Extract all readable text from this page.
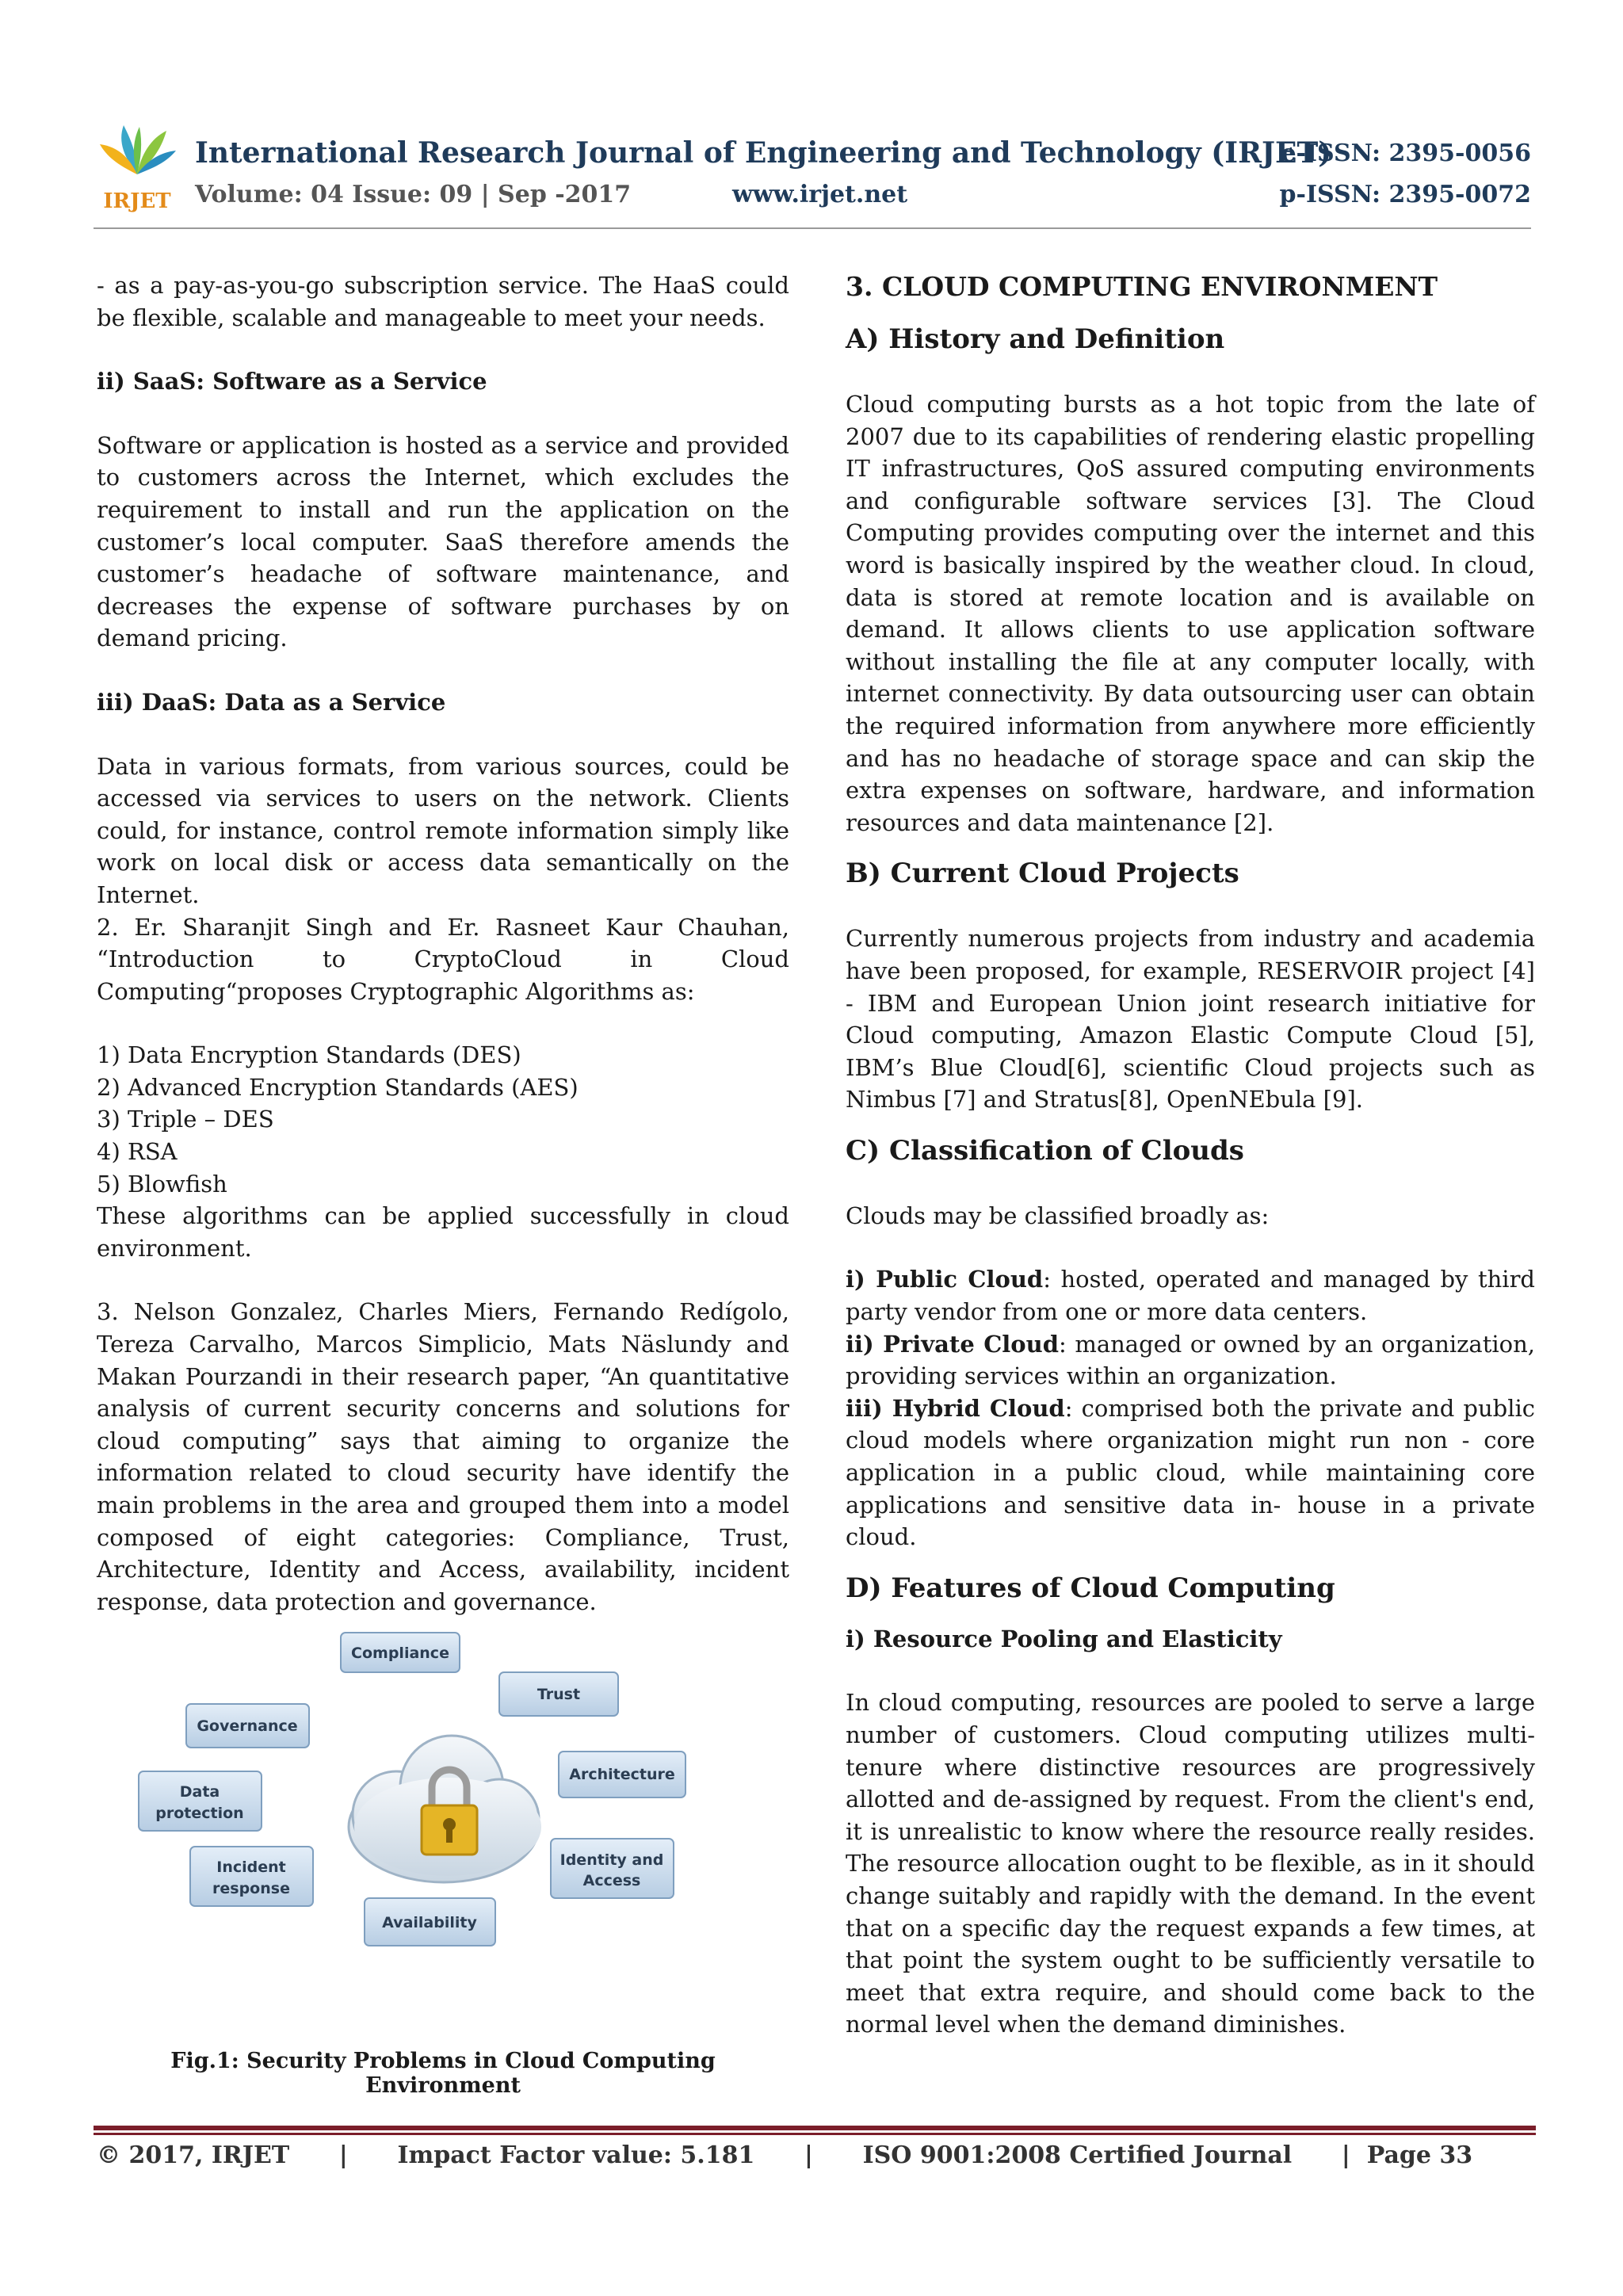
IRJET
International Research Journal of Engineering and Technology (IRJET)
e-ISSN: 2395-0056
Volume: 04 Issue: 09 | Sep -2017	www.irjet.net	p-ISSN: 2395-0072

- as a pay-as-you-go subscription service. The HaaS could be flexible, scalable and manageable to meet your needs.

ii) SaaS: Software as a Service

Software or application is hosted as a service and provided to customers across the Internet, which excludes the requirement to install and run the application on the customer’s local computer. SaaS therefore amends the customer’s headache of software maintenance, and decreases the expense of software purchases by on demand pricing.

iii) DaaS: Data as a Service

Data in various formats, from various sources, could be accessed via services to users on the network. Clients could, for instance, control remote information simply like work on local disk or access data semantically on the Internet.

2. Er. Sharanjit Singh and Er. Rasneet Kaur Chauhan, “Introduction to CryptoCloud in Cloud Computing“proposes Cryptographic Algorithms as:

1) Data Encryption Standards (DES)

2) Advanced Encryption Standards (AES)

3) Triple – DES

4) RSA

5) Blowfish

These algorithms can be applied successfully in cloud environment.

3. Nelson Gonzalez, Charles Miers, Fernando Redígolo, Tereza Carvalho, Marcos Simplicio, Mats Näslundy and Makan Pourzandi in their research paper, “An quantitative analysis of current security concerns and solutions for cloud computing” says that aiming to organize the information related to cloud security have identify the main problems in the area and grouped them into a model composed of eight categories: Compliance, Trust, Architecture, Identity and Access, availability, incident response, data protection and governance.

Compliance
Trust
Governance
Architecture
Data
protection
Identity and
Access
Incident
response
Availability
Fig.1: Security Problems in Cloud Computing Environment

3. CLOUD COMPUTING ENVIRONMENT

A) History and Definition

Cloud computing bursts as a hot topic from the late of 2007 due to its capabilities of rendering elastic propelling IT infrastructures, QoS assured computing environments and configurable software services [3]. The Cloud Computing provides computing over the internet and this word is basically inspired by the weather cloud. In cloud, data is stored at remote location and is available on demand. It allows clients to use application software without installing the file at any computer locally, with internet connectivity. By data outsourcing user can obtain the required information from anywhere more efficiently and has no headache of storage space and can skip the extra expenses on software, hardware, and information resources and data maintenance [2].

B) Current Cloud Projects

Currently numerous projects from industry and academia have been proposed, for example, RESERVOIR project [4] - IBM and European Union joint research initiative for Cloud computing, Amazon Elastic Compute Cloud [5], IBM’s Blue Cloud[6], scientific Cloud projects such as Nimbus [7] and Stratus[8], OpenNEbula [9].

C) Classification of Clouds

Clouds may be classified broadly as:

i) Public Cloud: hosted, operated and managed by third party vendor from one or more data centers.

ii) Private Cloud: managed or owned by an organization, providing services within an organization.

iii) Hybrid Cloud: comprised both the private and public cloud models where organization might run non - core application in a public cloud, while maintaining core applications and sensitive data in- house in a private cloud.

D) Features of Cloud Computing

i) Resource Pooling and Elasticity

In cloud computing, resources are pooled to serve a large number of customers. Cloud computing utilizes multi-tenure where distinctive resources are progressively allotted and de-assigned by request. From the client's end, it is unrealistic to know where the resource really resides. The resource allocation ought to be flexible, as in it should change suitably and rapidly with the demand. In the event that on a specific day the request expands a few times, at that point the system ought to be sufficiently versatile to meet that extra require, and should come back to the normal level when the demand diminishes.

© 2017, IRJET | Impact Factor value: 5.181 | ISO 9001:2008 Certified Journal | Page 33
